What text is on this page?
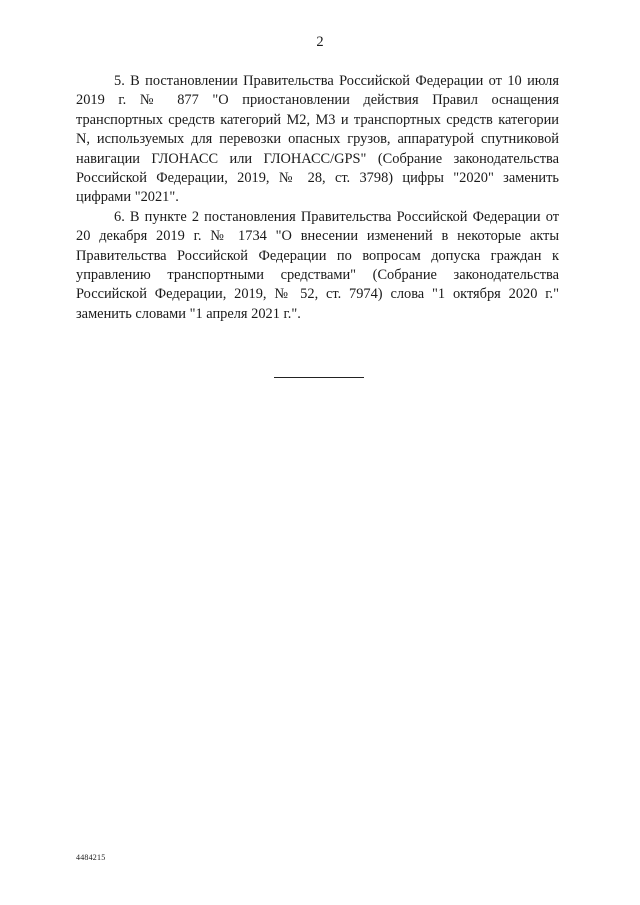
2

5. В постановлении Правительства Российской Федерации от 10 июля 2019 г. № 877 "О приостановлении действия Правил оснащения транспортных средств категорий М2, М3 и транспортных средств категории N, используемых для перевозки опасных грузов, аппаратурой спутниковой навигации ГЛОНАСС или ГЛОНАСС/GPS" (Собрание законодательства Российской Федерации, 2019, № 28, ст. 3798) цифры "2020" заменить цифрами "2021".

6. В пункте 2 постановления Правительства Российской Федерации от 20 декабря 2019 г. № 1734 "О внесении изменений в некоторые акты Правительства Российской Федерации по вопросам допуска граждан к управлению транспортными средствами" (Собрание законодательства Российской Федерации, 2019, № 52, ст. 7974) слова "1 октября 2020 г." заменить словами "1 апреля 2021 г.".

4484215
